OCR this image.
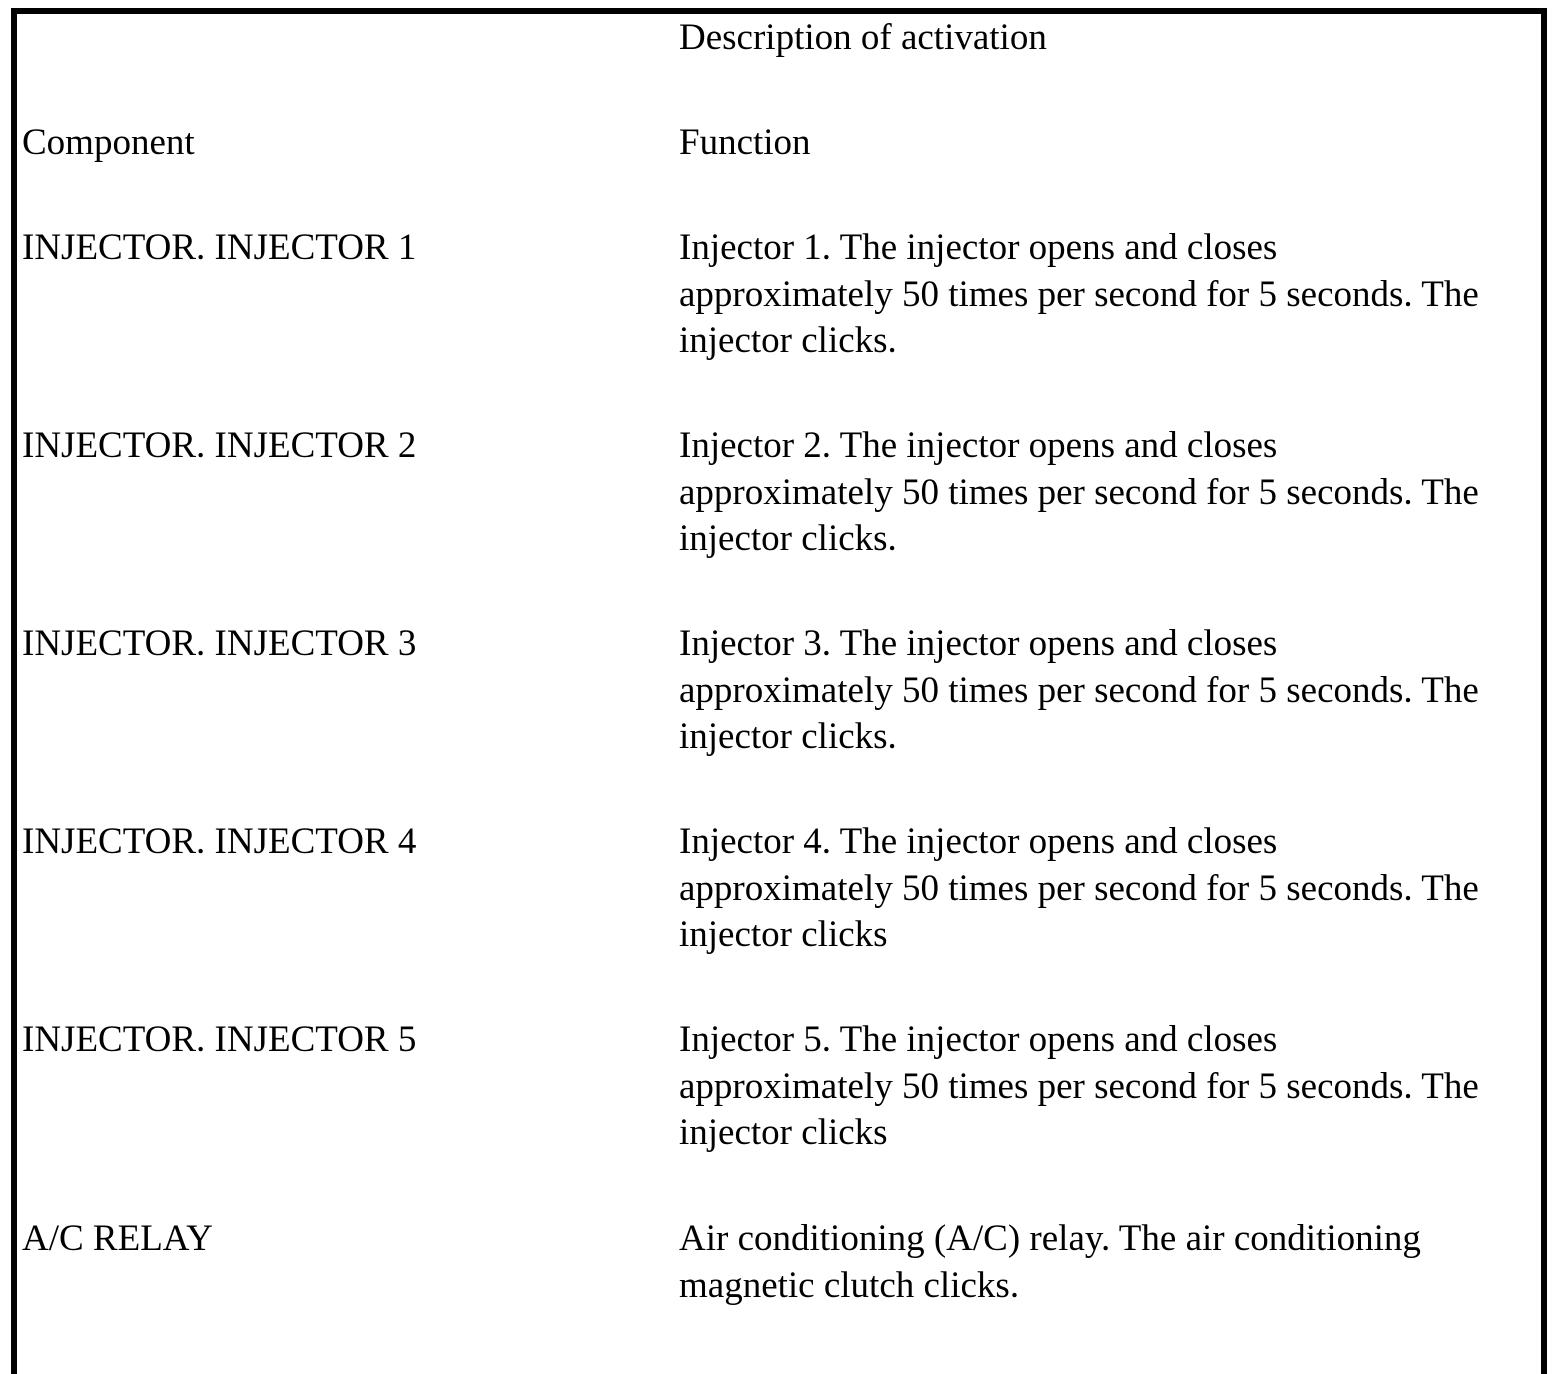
Description of activation
Component	Function
INJECTOR. INJECTOR 1	Injector 1. The injector opens and closes
approximately 50 times per second for 5 seconds. The
injector clicks.
INJECTOR. INJECTOR 2	Injector 2. The injector opens and closes
approximately 50 times per second for 5 seconds. The
injector clicks.
INJECTOR. INJECTOR 3	Injector 3. The injector opens and closes
approximately 50 times per second for 5 seconds. The
injector clicks.
INJECTOR. INJECTOR 4	Injector 4. The injector opens and closes
approximately 50 times per second for 5 seconds. The
injector clicks
INJECTOR. INJECTOR 5	Injector 5. The injector opens and closes
approximately 50 times per second for 5 seconds. The
injector clicks
A/C RELAY	Air conditioning (A/C) relay. The air conditioning
magnetic clutch clicks.
